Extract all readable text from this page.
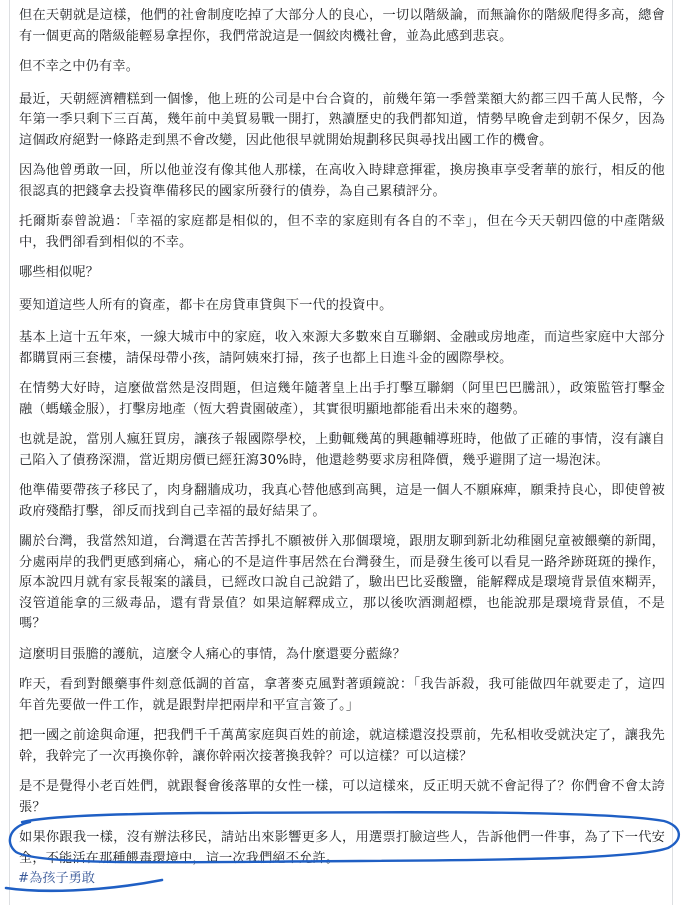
但在天朝就是這樣，他們的社會制度吃掉了大部分人的良心，一切以階級論，而無論你的階級爬得多高，總會有一個更高的階級能輕易拿捏你，我們常說這是一個絞肉機社會，並為此感到悲哀。

但不幸之中仍有幸。

最近，天朝經濟糟糕到一個慘，他上班的公司是中台合資的，前幾年第一季營業額大約都三四千萬人民幣，今年第一季只剩下三百萬，幾年前中美貿易戰一開打，熟讀歷史的我們都知道，情勢早晚會走到朝不保夕，因為這個政府絕對一條路走到黑不會改變，因此他很早就開始規劃移民與尋找出國工作的機會。

因為他曾勇敢一回，所以他並沒有像其他人那樣，在高收入時肆意揮霍，換房換車享受奢華的旅行，相反的他很認真的把錢拿去投資準備移民的國家所發行的債券，為自己累積評分。

托爾斯泰曾說過：「幸福的家庭都是相似的，但不幸的家庭則有各自的不幸」，但在今天天朝四億的中產階級中，我們卻看到相似的不幸。

哪些相似呢？

要知道這些人所有的資產，都卡在房貸車貸與下一代的投資中。

基本上這十五年來，一線大城市中的家庭，收入來源大多數來自互聯網、金融或房地產，而這些家庭中大部分都購買兩三套樓，請保母帶小孩，請阿姨來打掃，孩子也都上日進斗金的國際學校。

在情勢大好時，這麼做當然是沒問題，但這幾年隨著皇上出手打擊互聯網（阿里巴巴騰訊），政策監管打擊金融（螞蟻金服），打擊房地產（恆大碧貴園破產），其實很明顯地都能看出未來的趨勢。

也就是說，當別人瘋狂買房，讓孩子報國際學校，上動輒幾萬的興趣輔導班時，他做了正確的事情，沒有讓自己陷入了債務深淵，當近期房價已經狂瀉30%時，他還趁勢要求房租降價，幾乎避開了這一場泡沫。

他準備要帶孩子移民了，肉身翻牆成功，我真心替他感到高興，這是一個人不願麻痺，願秉持良心，即使曾被政府殘酷打擊，卻反而找到自己幸福的最好結果了。

關於台灣，我當然知道，台灣還在苦苦掙扎不願被併入那個環境，跟朋友聊到新北幼稚園兒童被餵藥的新聞，分處兩岸的我們更感到痛心，痛心的不是這件事居然在台灣發生，而是發生後可以看見一路斧跡斑斑的操作，原本說四月就有家長報案的議員，已經改口說自己說錯了，驗出巴比妥酸鹽，能解釋成是環境背景值來糊弄，沒管道能拿的三級毒品，還有背景值？如果這解釋成立，那以後吹酒測超標，也能說那是環境背景值，不是嗎？

這麼明目張膽的護航，這麼令人痛心的事情，為什麼還要分藍綠？

昨天，看到對餵藥事件刻意低調的首富，拿著麥克風對著頭鏡說：「我告訴殺，我可能做四年就要走了，這四年首先要做一件工作，就是跟對岸把兩岸和平宣言簽了。」

把一國之前途與命運，把我們千千萬萬家庭與百姓的前途，就這樣還沒投票前，先私相收受就決定了，讓我先幹，我幹完了一次再換你幹，讓你幹兩次接著換我幹？可以這樣？可以這樣？

是不是覺得小老百姓們，就跟餐會後落單的女性一樣，可以這樣來，反正明天就不會記得了？你們會不會太誇張？

如果你跟我一樣，沒有辦法移民，請站出來影響更多人，用選票打臉這些人，告訴他們一件事，為了下一代安全，不能活在那種餵毒環境中，這一次我們絕不允許。

#為孩子勇敢
